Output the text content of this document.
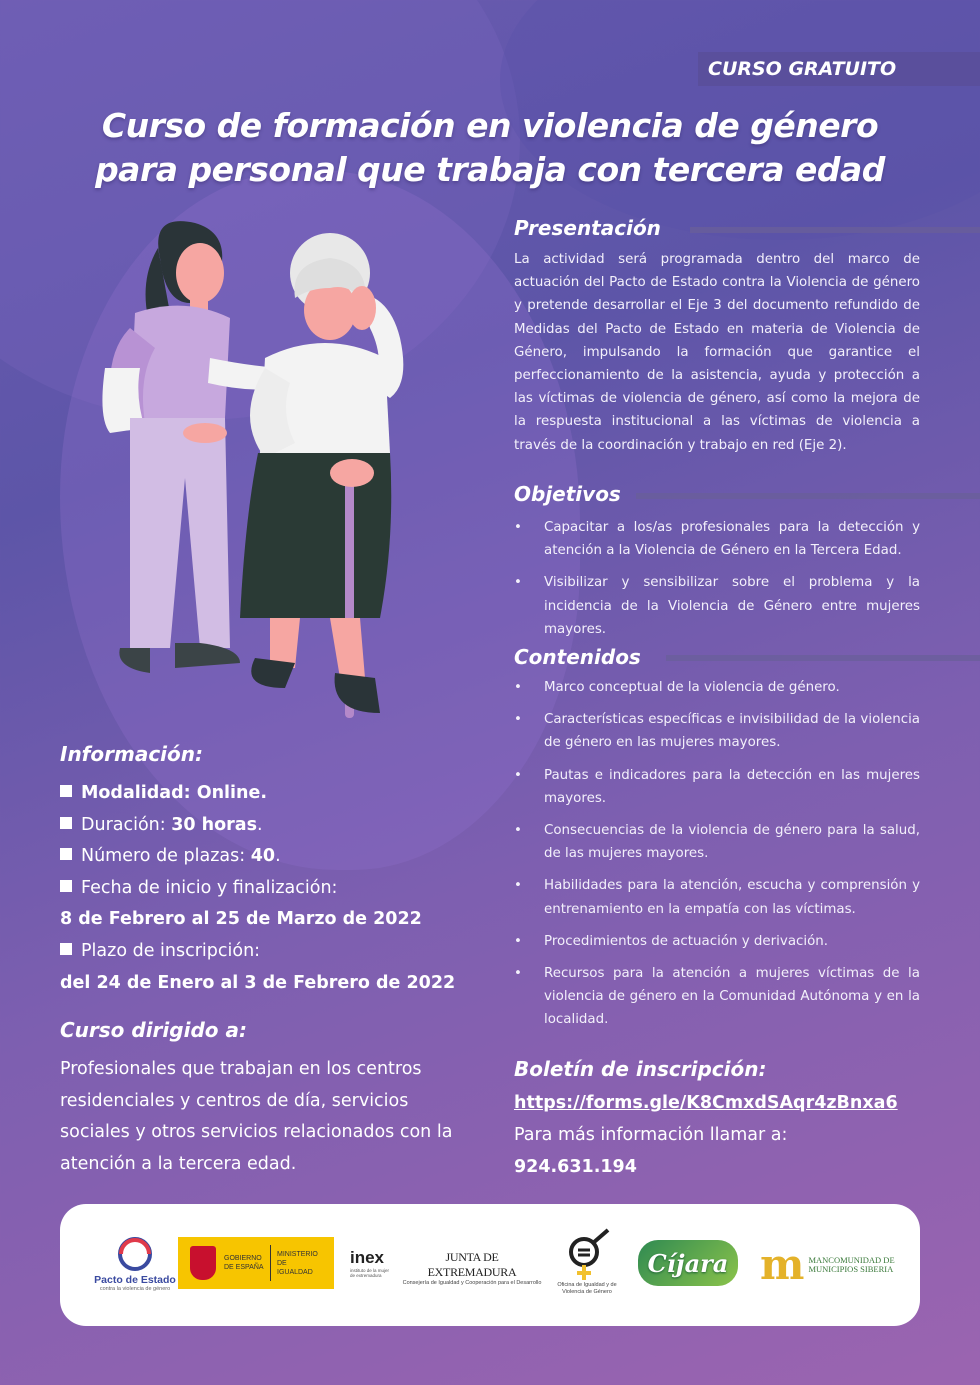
CURSO GRATUITO
Curso de formación en violencia de género
para personal que trabaja con tercera edad
Presentación
La actividad será programada dentro del marco de actuación del Pacto de Estado contra la Violencia de género y pretende desarrollar el Eje 3 del documento refundido de Medidas del Pacto de Estado en materia de Violencia de Género, impulsando la formación que garantice el perfeccionamiento de la asistencia, ayuda y protección a las víctimas de violencia de género, así como la mejora de la respuesta institucional a las víctimas de violencia a través de la coordinación y trabajo en red (Eje 2).
Objetivos
• Capacitar a los/as profesionales para la detección y atención a la Violencia de Género en la Tercera Edad.
• Visibilizar y sensibilizar sobre el problema y la incidencia de la Violencia de Género entre mujeres mayores.
Contenidos
• Marco conceptual de la violencia de género.
• Características específicas e invisibilidad de la violencia de género en las mujeres mayores.
• Pautas e indicadores para la detección en las mujeres mayores.
• Consecuencias de la violencia de género para la salud, de las mujeres mayores.
• Habilidades para la atención, escucha y comprensión y entrenamiento en la empatía con las víctimas.
• Procedimientos de actuación y derivación.
• Recursos para la atención a mujeres víctimas de la violencia de género en la Comunidad Autónoma y en la localidad.
Información:
Modalidad: Online.
Duración: 30 horas.
Número de plazas: 40.
Fecha de inicio y finalización:
8 de Febrero al 25 de Marzo de 2022
Plazo de inscripción:
del 24 de Enero al 3 de Febrero de 2022
Curso dirigido a:
Profesionales que trabajan en los centros residenciales y centros de día, servicios sociales y otros servicios relacionados con la atención a la tercera edad.
Boletín de inscripción:
https://forms.gle/K8CmxdSAqr4zBnxa6
Para más información llamar a:
924.631.194
Pacto de Estado
contra la violencia de género
GOBIERNO DE ESPAÑA
MINISTERIO DE IGUALDAD
inex
instituto de la mujer de extremadura
JUNTA DE EXTREMADURA
Consejería de Igualdad y Cooperación para el Desarrollo	Oficina de Igualdad y de Violencia de Género
Cíjara m MANCOMUNIDAD DE MUNICIPIOS SIBERIA
